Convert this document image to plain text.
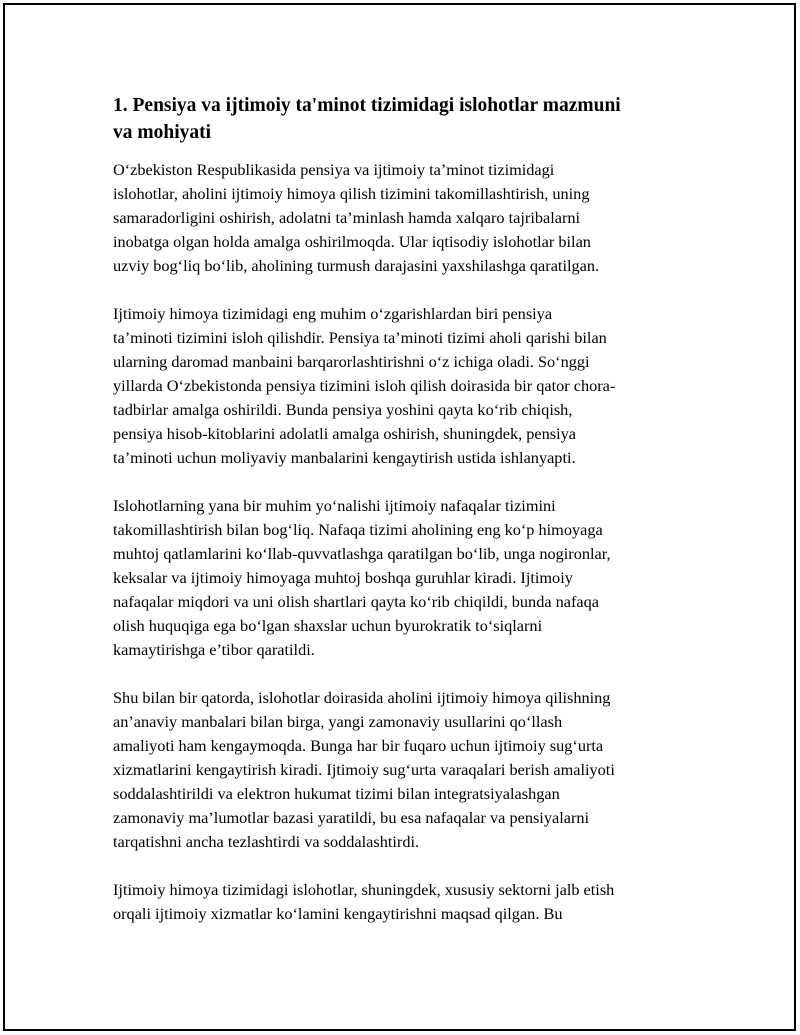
1. Pensiya va ijtimoiy ta'minot tizimidagi islohotlar mazmuni
va mohiyati

O‘zbekiston Respublikasida pensiya va ijtimoiy ta’minot tizimidagi
islohotlar, aholini ijtimoiy himoya qilish tizimini takomillashtirish, uning
samaradorligini oshirish, adolatni ta’minlash hamda xalqaro tajribalarni
inobatga olgan holda amalga oshirilmoqda. Ular iqtisodiy islohotlar bilan
uzviy bog‘liq bo‘lib, aholining turmush darajasini yaxshilashga qaratilgan.

Ijtimoiy himoya tizimidagi eng muhim o‘zgarishlardan biri pensiya
ta’minoti tizimini isloh qilishdir. Pensiya ta’minoti tizimi aholi qarishi bilan
ularning daromad manbaini barqarorlashtirishni o‘z ichiga oladi. So‘nggi
yillarda O‘zbekistonda pensiya tizimini isloh qilish doirasida bir qator chora-
tadbirlar amalga oshirildi. Bunda pensiya yoshini qayta ko‘rib chiqish,
pensiya hisob-kitoblarini adolatli amalga oshirish, shuningdek, pensiya
ta’minoti uchun moliyaviy manbalarini kengaytirish ustida ishlanyapti.

Islohotlarning yana bir muhim yo‘nalishi ijtimoiy nafaqalar tizimini
takomillashtirish bilan bog‘liq. Nafaqa tizimi aholining eng ko‘p himoyaga
muhtoj qatlamlarini ko‘llab-quvvatlashga qaratilgan bo‘lib, unga nogironlar,
keksalar va ijtimoiy himoyaga muhtoj boshqa guruhlar kiradi. Ijtimoiy
nafaqalar miqdori va uni olish shartlari qayta ko‘rib chiqildi, bunda nafaqa
olish huquqiga ega bo‘lgan shaxslar uchun byurokratik to‘siqlarni
kamaytirishga e’tibor qaratildi.

Shu bilan bir qatorda, islohotlar doirasida aholini ijtimoiy himoya qilishning
an’anaviy manbalari bilan birga, yangi zamonaviy usullarini qo‘llash
amaliyoti ham kengaymoqda. Bunga har bir fuqaro uchun ijtimoiy sug‘urta
xizmatlarini kengaytirish kiradi. Ijtimoiy sug‘urta varaqalari berish amaliyoti
soddalashtirildi va elektron hukumat tizimi bilan integratsiyalashgan
zamonaviy ma’lumotlar bazasi yaratildi, bu esa nafaqalar va pensiyalarni
tarqatishni ancha tezlashtirdi va soddalashtirdi.

Ijtimoiy himoya tizimidagi islohotlar, shuningdek, xususiy sektorni jalb etish
orqali ijtimoiy xizmatlar ko‘lamini kengaytirishni maqsad qilgan. Bu
